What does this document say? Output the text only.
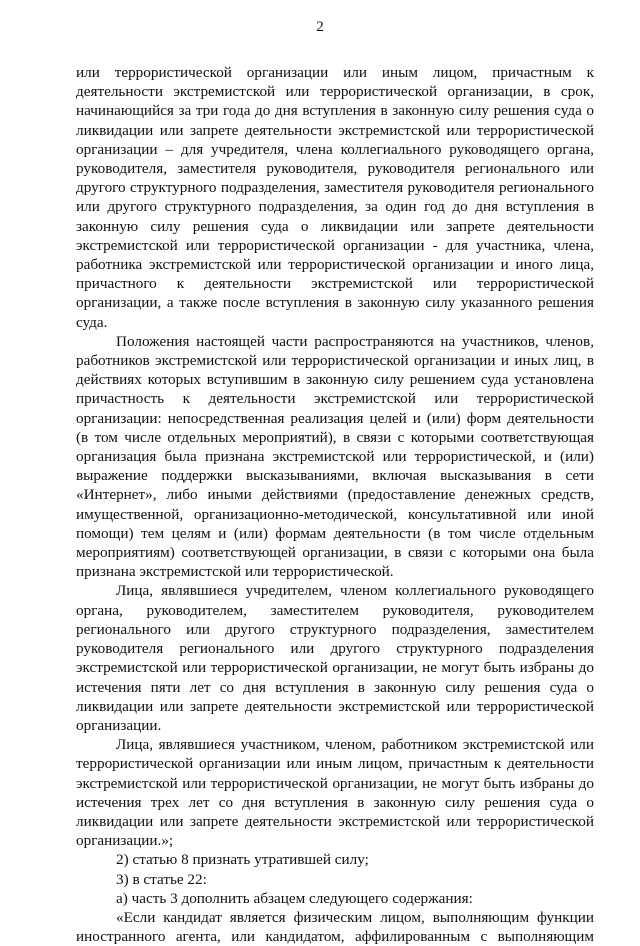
2

или террористической организации или иным лицом, причастным к деятельности экстремистской или террористической организации, в срок, начинающийся за три года до дня вступления в законную силу решения суда о ликвидации или запрете деятельности экстремистской или террористической организации – для учредителя, члена коллегиального руководящего органа, руководителя, заместителя руководителя, руководителя регионального или другого структурного подразделения, заместителя руководителя регионального или другого структурного подразделения, за один год до дня вступления в законную силу решения суда о ликвидации или запрете деятельности экстремистской или террористической организации - для участника, члена, работника экстремистской или террористической организации и иного лица, причастного к деятельности экстремистской или террористической организации, а также после вступления в законную силу указанного решения суда.

Положения настоящей части распространяются на участников, членов, работников экстремистской или террористической организации и иных лиц, в действиях которых вступившим в законную силу решением суда установлена причастность к деятельности экстремистской или террористической организации: непосредственная реализация целей и (или) форм деятельности (в том числе отдельных мероприятий), в связи с которыми соответствующая организация была признана экстремистской или террористической, и (или) выражение поддержки высказываниями, включая высказывания в сети «Интернет», либо иными действиями (предоставление денежных средств, имущественной, организационно-методической, консультативной или иной помощи) тем целям и (или) формам деятельности (в том числе отдельным мероприятиям) соответствующей организации, в связи с которыми она была признана экстремистской или террористической.

Лица, являвшиеся учредителем, членом коллегиального руководящего органа, руководителем, заместителем руководителя, руководителем регионального или другого структурного подразделения, заместителем руководителя регионального или другого структурного подразделения экстремистской или террористической организации, не могут быть избраны до истечения пяти лет со дня вступления в законную силу решения суда о ликвидации или запрете деятельности экстремистской или террористической организации.

Лица, являвшиеся участником, членом, работником экстремистской или террористической организации или иным лицом, причастным к деятельности экстремистской или террористической организации, не могут быть избраны до истечения трех лет со дня вступления в законную силу решения суда о ликвидации или запрете деятельности экстремистской или террористической организации.»;

2) статью 8 признать утратившей силу;

3) в статье 22:

а) часть 3 дополнить абзацем следующего содержания:

«Если кандидат является физическим лицом, выполняющим функции иностранного агента, или кандидатом, аффилированным с выполняющим
